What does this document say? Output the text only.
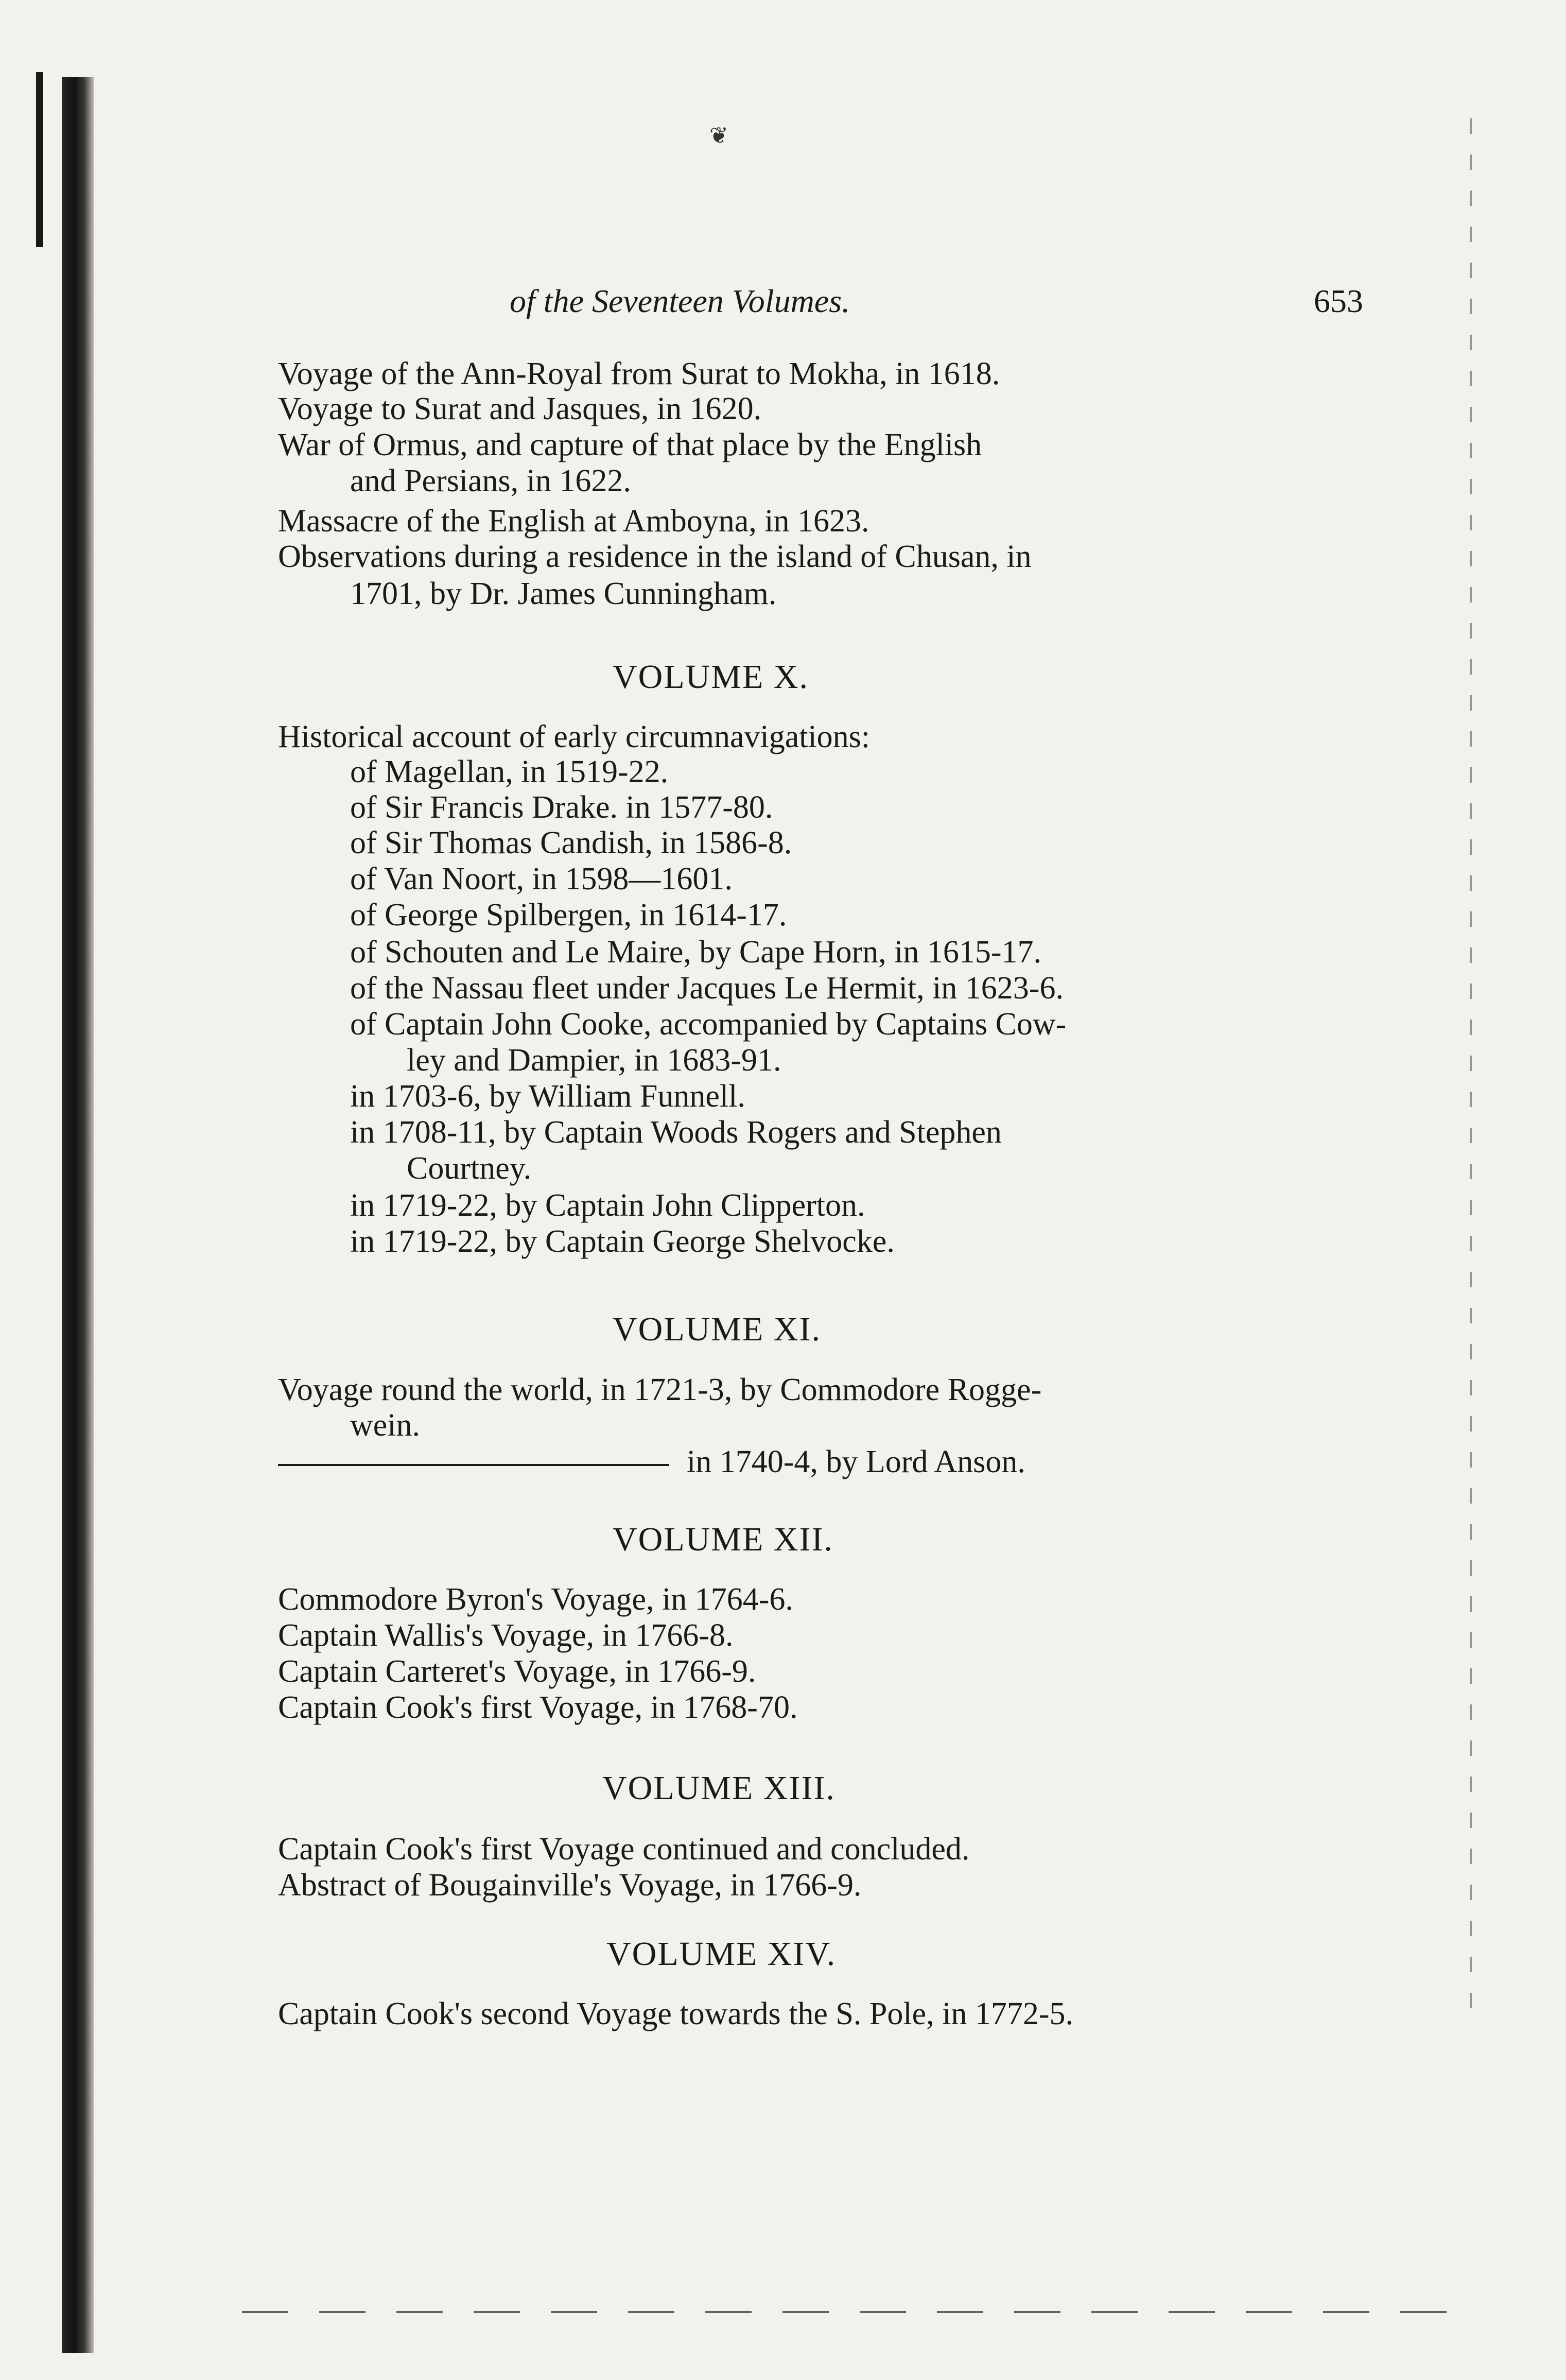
❦
of the Seventeen Volumes.	653
Voyage of the Ann-Royal from Surat to Mokha, in 1618.
Voyage to Surat and Jasques, in 1620.
War of Ormus, and capture of that place by the English
and Persians, in 1622.
Massacre of the English at Amboyna, in 1623.
Observations during a residence in the island of Chusan, in
1701, by Dr. James Cunningham.
VOLUME X.
Historical account of early circumnavigations:
of Magellan, in 1519-22.
of Sir Francis Drake. in 1577-80.
of Sir Thomas Candish, in 1586-8.
of Van Noort, in 1598—1601.
of George Spilbergen, in 1614-17.
of Schouten and Le Maire, by Cape Horn, in 1615-17.
of the Nassau fleet under Jacques Le Hermit, in 1623-6.
of Captain John Cooke, accompanied by Captains Cow-
ley and Dampier, in 1683-91.
in 1703-6, by William Funnell.
in 1708-11, by Captain Woods Rogers and Stephen
Courtney.
in 1719-22, by Captain John Clipperton.
in 1719-22, by Captain George Shelvocke.
VOLUME XI.
Voyage round the world, in 1721-3, by Commodore Rogge-
wein.
in 1740-4, by Lord Anson.
VOLUME XII.
Commodore Byron's Voyage, in 1764-6.
Captain Wallis's Voyage, in 1766-8.
Captain Carteret's Voyage, in 1766-9.
Captain Cook's first Voyage, in 1768-70.
VOLUME XIII.
Captain Cook's first Voyage continued and concluded.
Abstract of Bougainville's Voyage, in 1766-9.
VOLUME XIV.
Captain Cook's second Voyage towards the S. Pole, in 1772-5.
